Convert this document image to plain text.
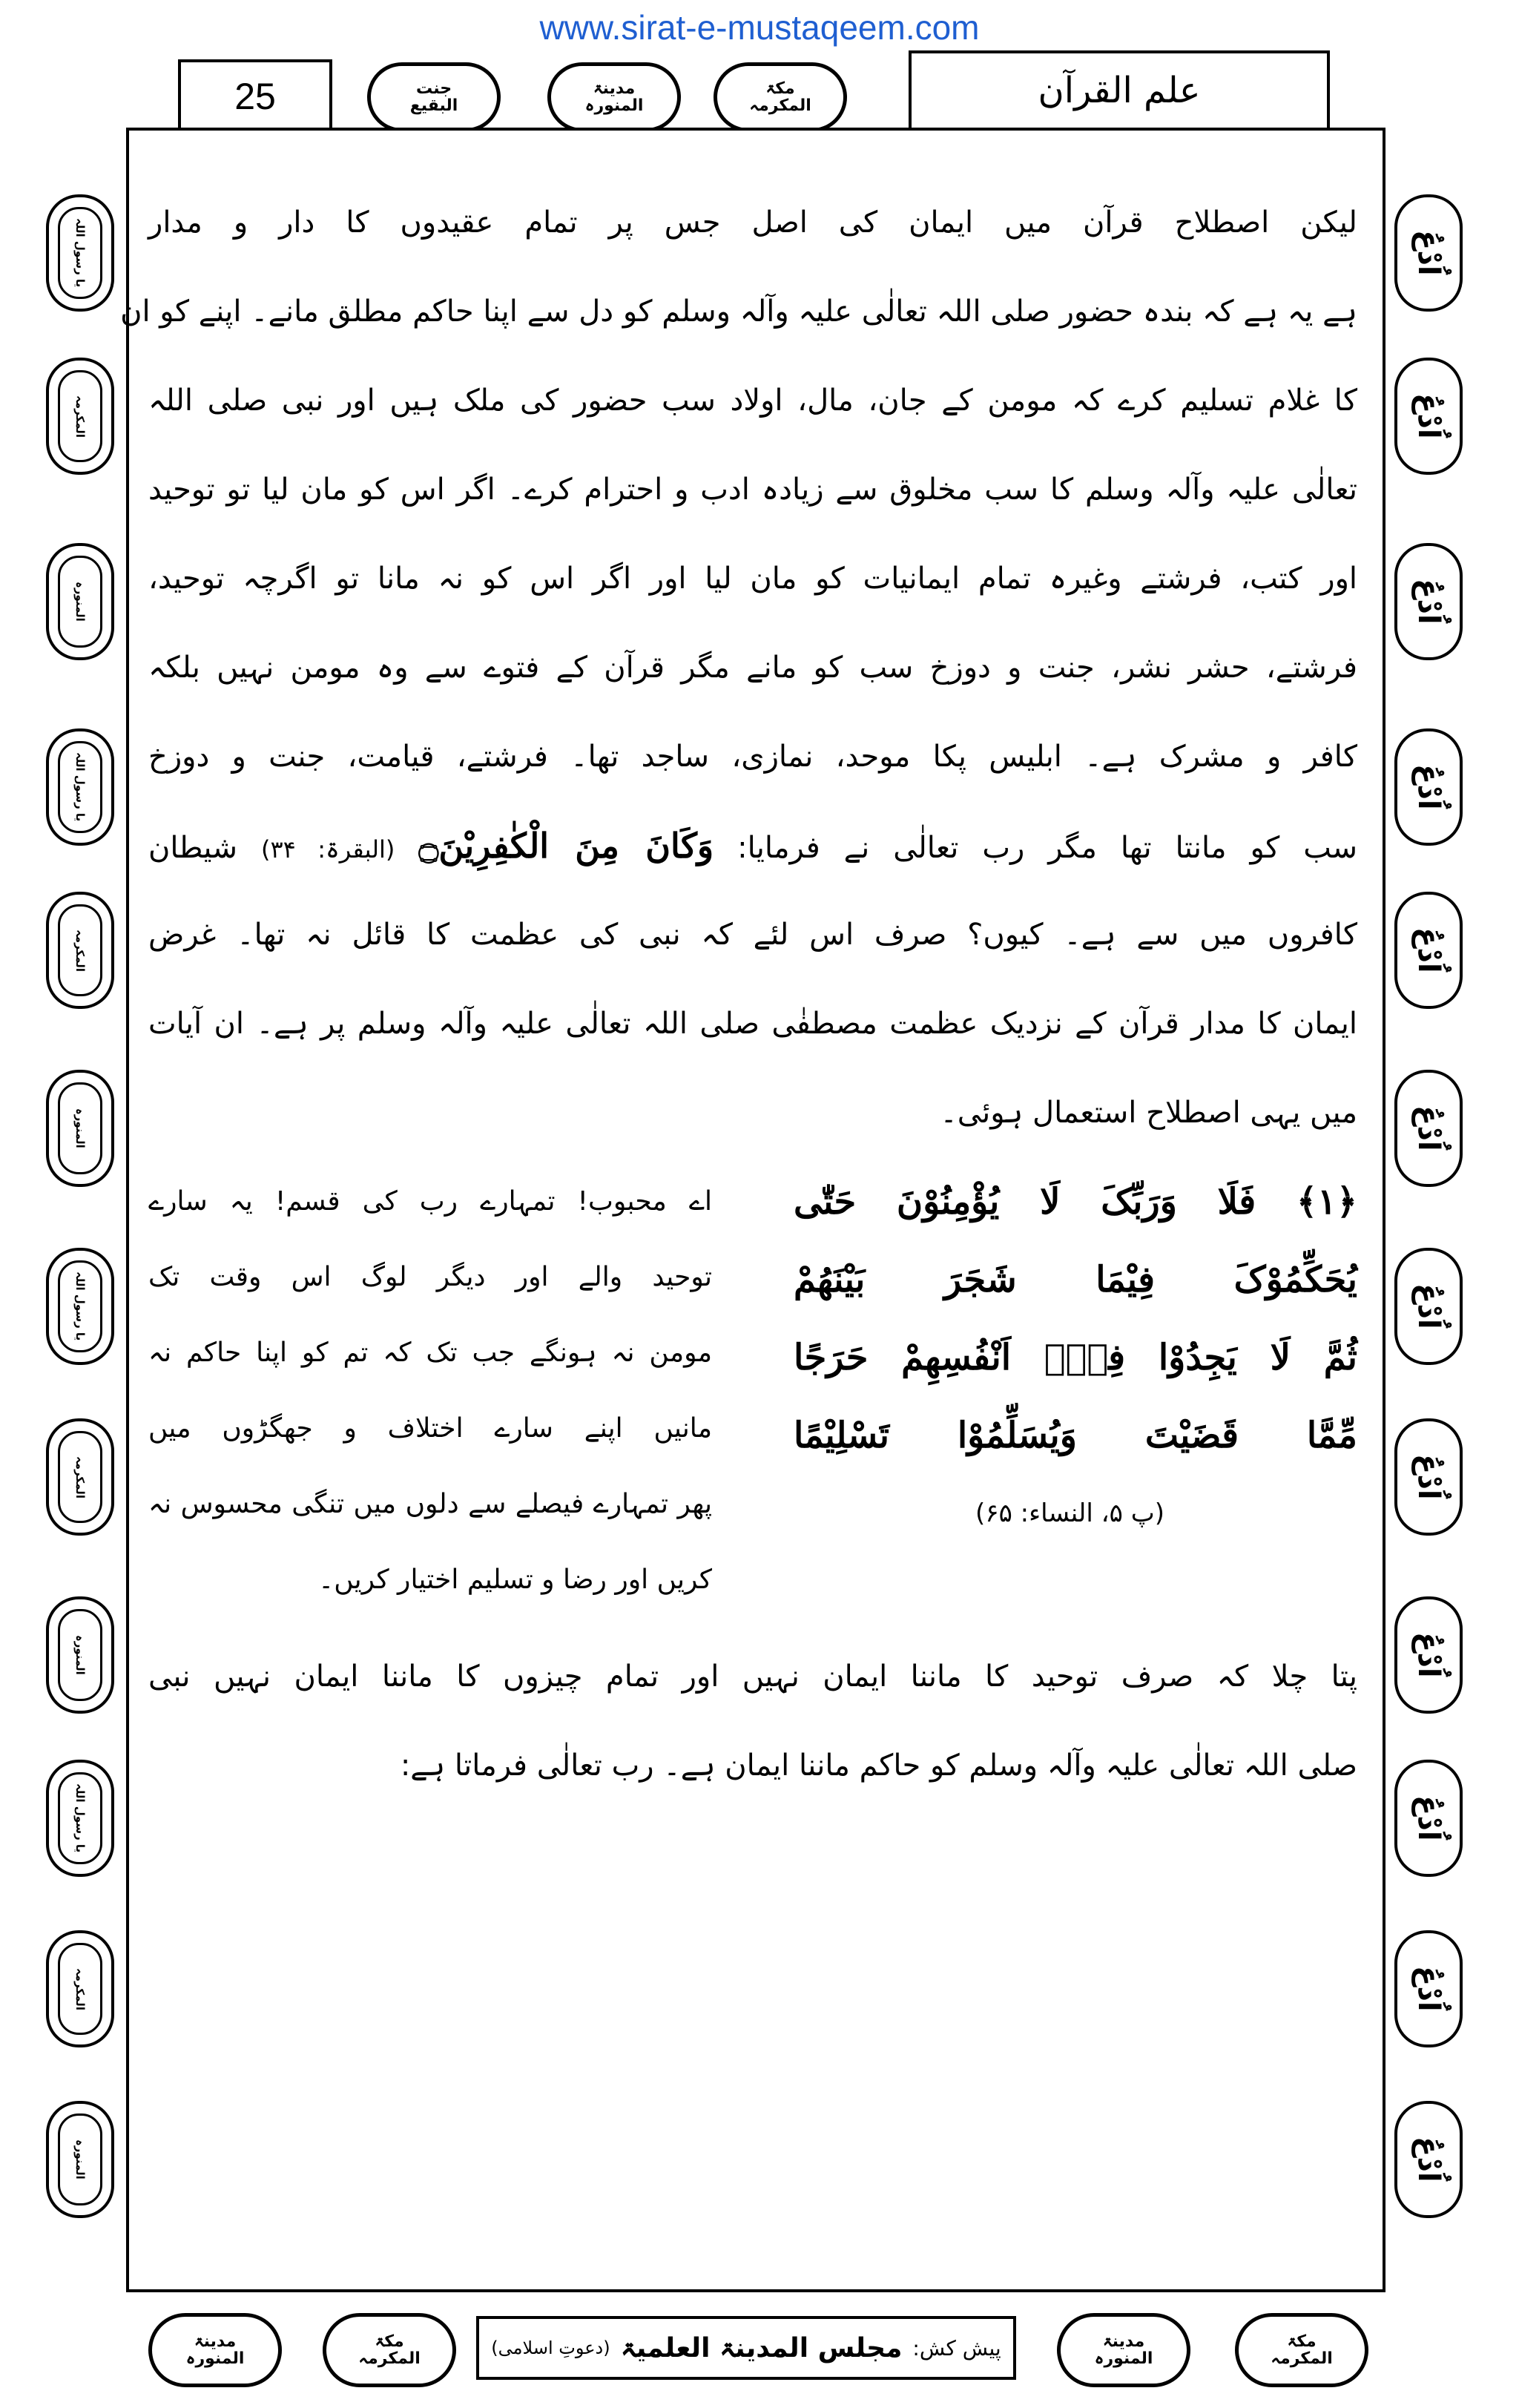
www.sirat-e-mustaqeem.com
25	جنت
البقیع
مدینۃ
المنورہ
مکۃ
المکرمہ	علم القرآن
یا رسول اللہ
المکرمہ
المنورہ
یا رسول اللہ
المکرمہ
المنورہ
یا رسول اللہ
المکرمہ
المنورہ
یا رسول اللہ
المکرمہ
المنورہ
اُدْعُ
اُدْعُ
اُدْعُ
اُدْعُ
اُدْعُ
اُدْعُ
اُدْعُ
اُدْعُ
اُدْعُ
اُدْعُ
اُدْعُ
اُدْعُ
لیکن اصطلاح قرآن میں ایمان کی اصل جس پر تمام عقیدوں کا دار و مدار
ہے یہ ہے کہ بندہ حضور صلی اللہ تعالٰی علیہ وآلہ وسلم کو دل سے اپنا حاکم مطلق مانے۔ اپنے کو ان
کا غلام تسلیم کرے کہ مومن کے جان، مال، اولاد سب حضور کی ملک ہیں اور نبی صلی اللہ
تعالٰی علیہ وآلہ وسلم کا سب مخلوق سے زیادہ ادب و احترام کرے۔ اگر اس کو مان لیا تو توحید
اور کتب، فرشتے وغیرہ تمام ایمانیات کو مان لیا اور اگر اس کو نہ مانا تو اگرچہ توحید،
فرشتے، حشر نشر، جنت و دوزخ سب کو مانے مگر قرآن کے فتوے سے وہ مومن نہیں بلکہ
کافر و مشرک ہے۔ ابلیس پکا موحد، نمازی، ساجد تھا۔ فرشتے، قیامت، جنت و دوزخ
سب کو مانتا تھا مگر رب تعالٰی نے فرمایا: وَکَانَ مِنَ الْکٰفِرِیْنَ۝ (البقرۃ: ۳۴) شیطان
کافروں میں سے ہے۔ کیوں؟ صرف اس لئے کہ نبی کی عظمت کا قائل نہ تھا۔ غرض
ایمان کا مدار قرآن کے نزدیک عظمت مصطفٰی صلی اللہ تعالٰی علیہ وآلہ وسلم پر ہے۔ ان آیات
میں یہی اصطلاح استعمال ہوئی۔
﴿۱﴾ فَلَا وَرَبِّکَ لَا یُؤْمِنُوْنَ حَتّٰی
یُحَکِّمُوْکَ فِیْمَا شَجَرَ بَیْنَهُمْ
ثُمَّ لَا یَجِدُوْا فِیْۤ اَنْفُسِهِمْ حَرَجًا
مِّمَّا قَضَیْتَ وَیُسَلِّمُوْا تَسْلِیْمًا
(پ ۵، النساء: ۶۵)
اے محبوب! تمہارے رب کی قسم! یہ سارے
توحید والے اور دیگر لوگ اس وقت تک
مومن نہ ہونگے جب تک کہ تم کو اپنا حاکم نہ
مانیں اپنے سارے اختلاف و جھگڑوں میں
پھر تمہارے فیصلے سے دلوں میں تنگی محسوس نہ
کریں اور رضا و تسلیم اختیار کریں۔
پتا چلا کہ صرف توحید کا ماننا ایمان نہیں اور تمام چیزوں کا ماننا ایمان نہیں نبی
صلی اللہ تعالٰی علیہ وآلہ وسلم کو حاکم ماننا ایمان ہے۔ رب تعالٰی فرماتا ہے:
مدینۃ
المنورہ
مکۃ
المکرمہ	پیش کش:
مجلس المدینۃ العلمیۃ
(دعوتِ اسلامی)	مدینۃ
المنورہ
مکۃ
المکرمہ
